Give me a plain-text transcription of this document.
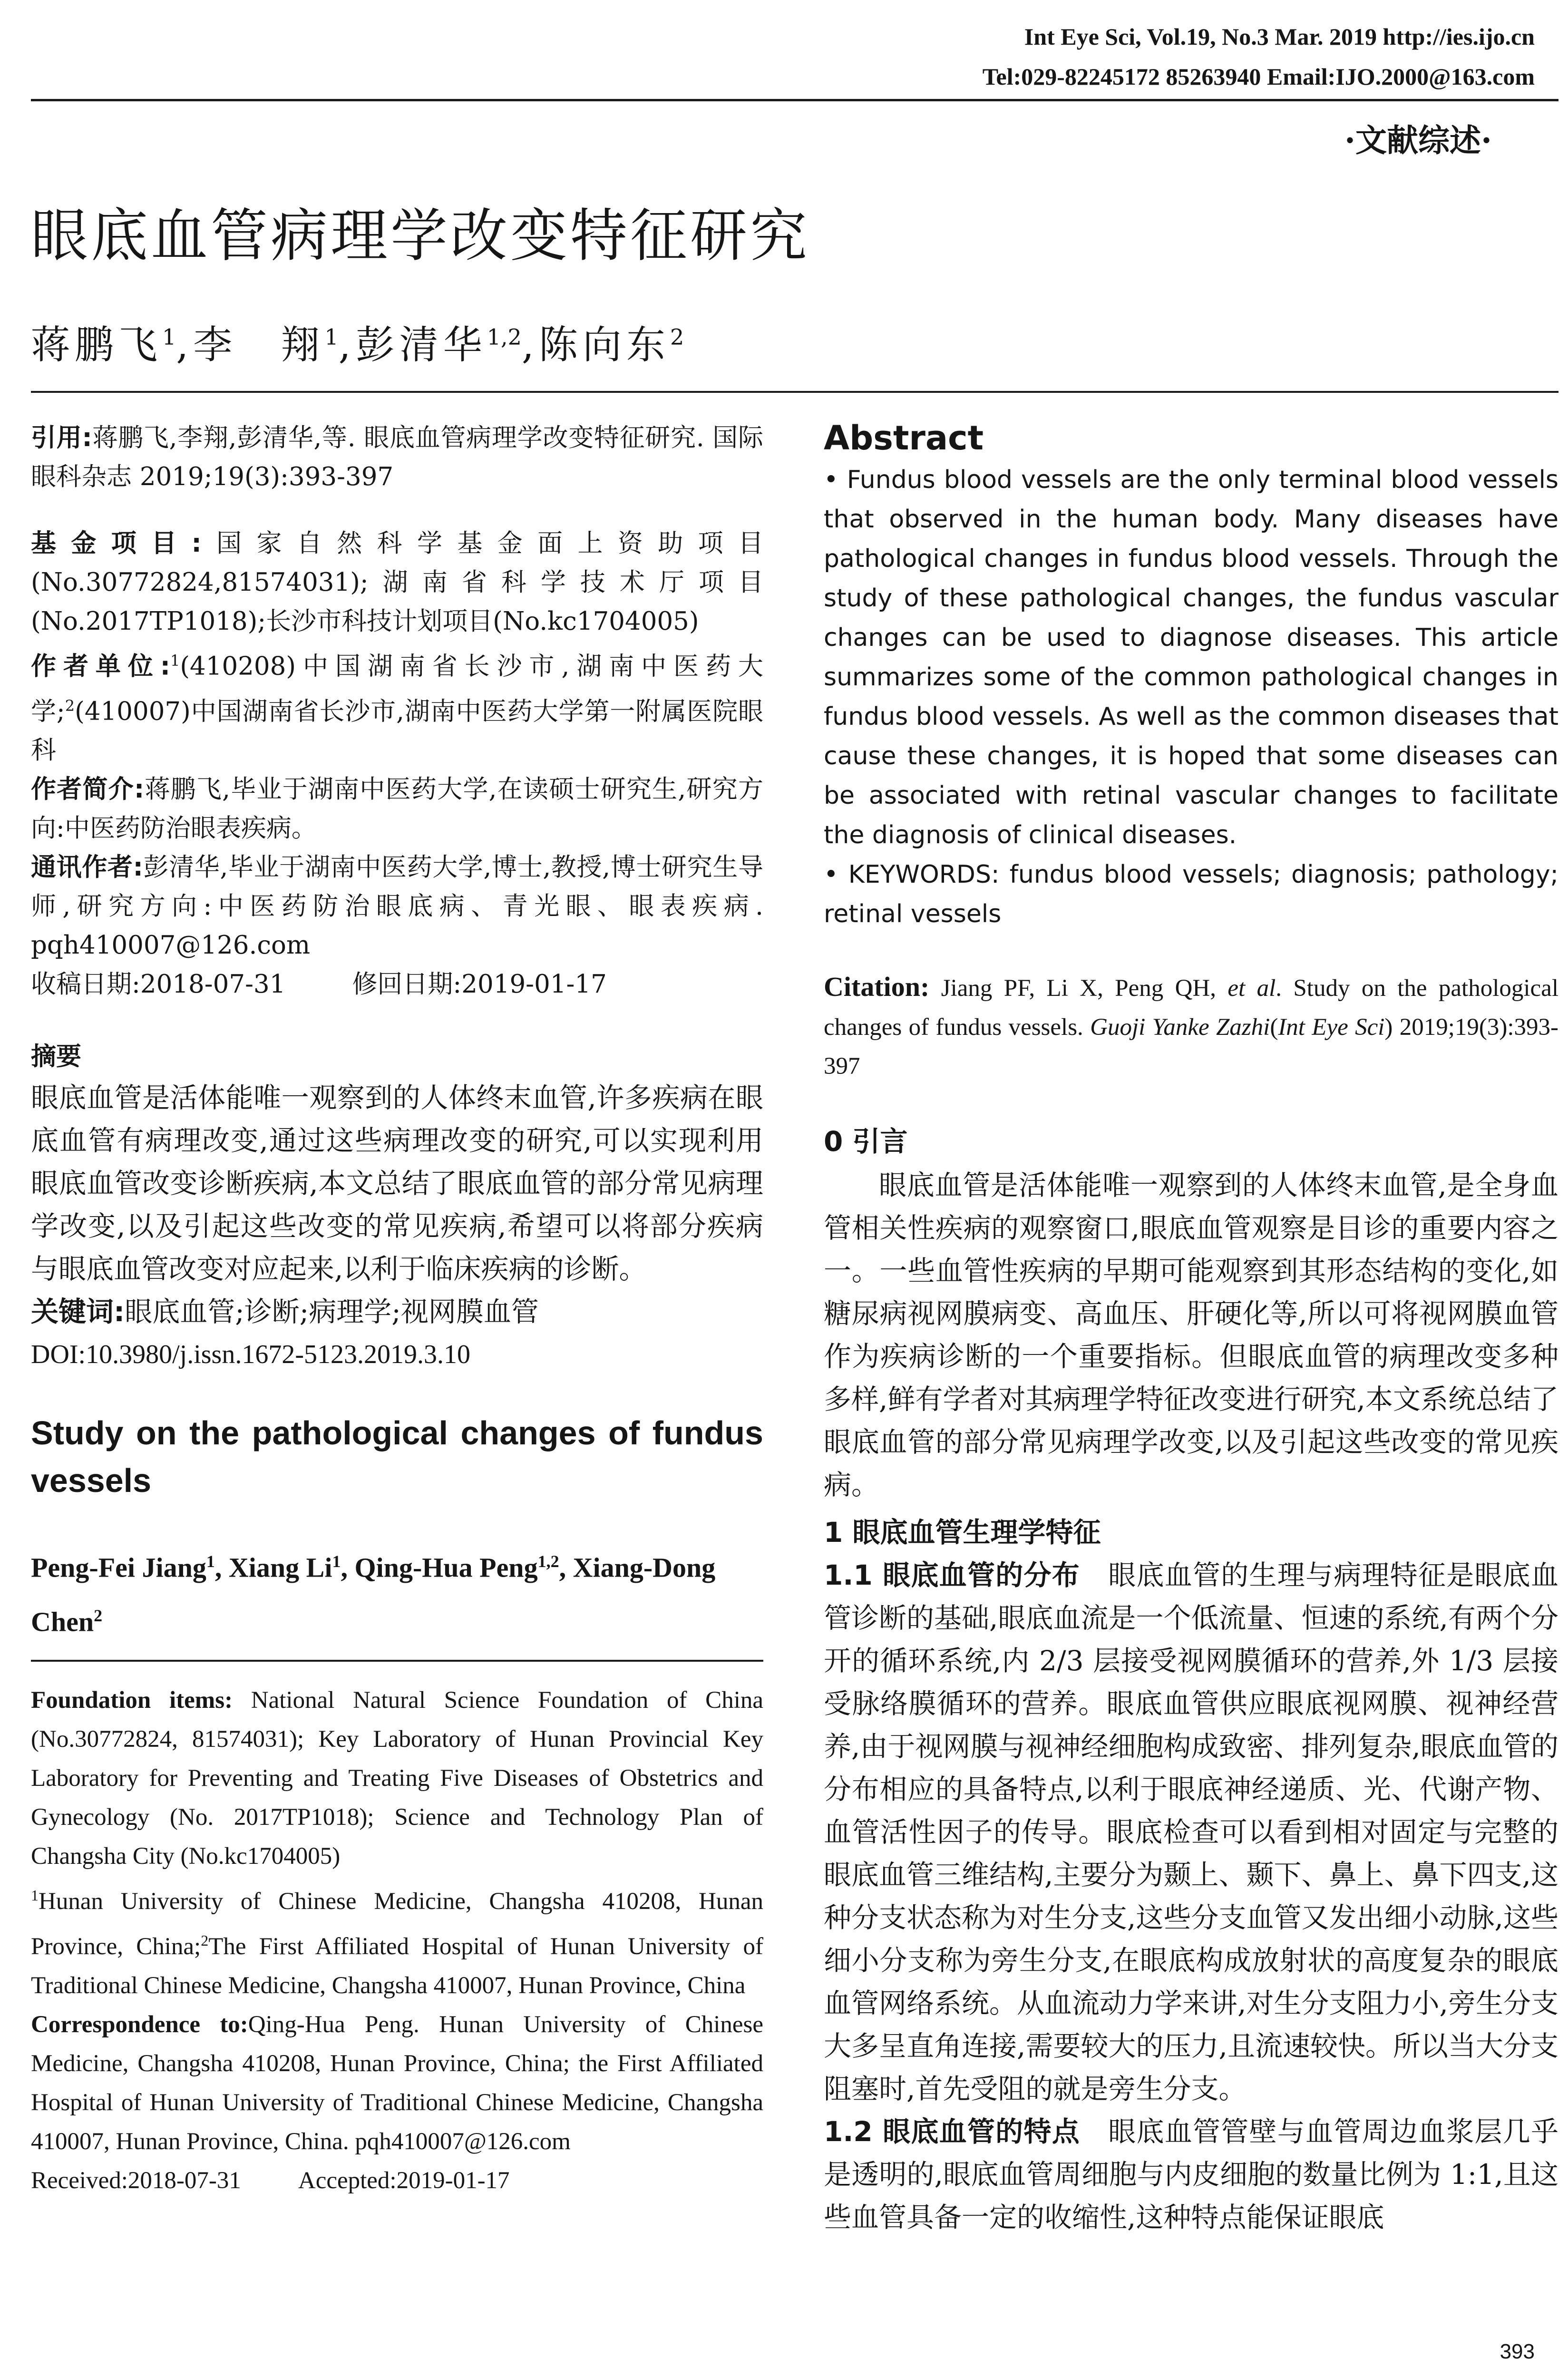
Int Eye Sci, Vol.19, No.3 Mar. 2019 http://ies.ijo.cn
Tel:029-82245172 85263940 Email:IJO.2000@163.com
·文献综述·
眼底血管病理学改变特征研究
蒋鹏飞$^1$,李　翔$^1$,彭清华$^{1,2}$,陈向东$^2$
引用:蒋鹏飞,李翔,彭清华,等. 眼底血管病理学改变特征研究. 国际眼科杂志 2019;19(3):393-397
基金项目:国家自然科学基金面上资助项目(No.30772824,81574031);湖南省科学技术厅项目(No.2017TP1018);长沙市科技计划项目(No.kc1704005)
作者单位:$^1$(410208)中国湖南省长沙市,湖南中医药大学;$^2$(410007)中国湖南省长沙市,湖南中医药大学第一附属医院眼科
作者简介:蒋鹏飞,毕业于湖南中医药大学,在读硕士研究生,研究方向:中医药防治眼表疾病。
通讯作者:彭清华,毕业于湖南中医药大学,博士,教授,博士研究生导师,研究方向:中医药防治眼底病、青光眼、眼表疾病. pqh410007@126.com
收稿日期:2018-07-31	修回日期:2019-01-17
摘要
眼底血管是活体能唯一观察到的人体终末血管,许多疾病在眼底血管有病理改变,通过这些病理改变的研究,可以实现利用眼底血管改变诊断疾病,本文总结了眼底血管的部分常见病理学改变,以及引起这些改变的常见疾病,希望可以将部分疾病与眼底血管改变对应起来,以利于临床疾病的诊断。
关键词:眼底血管;诊断;病理学;视网膜血管
DOI:10.3980/j.issn.1672-5123.2019.3.10
Study on the pathological changes of fundus vessels
Peng-Fei Jiang$^1$, Xiang Li$^1$, Qing-Hua Peng$^{1,2}$, Xiang-Dong Chen$^2$
Foundation items: National Natural Science Foundation of China (No.30772824, 81574031); Key Laboratory of Hunan Provincial Key Laboratory for Preventing and Treating Five Diseases of Obstetrics and Gynecology (No. 2017TP1018); Science and Technology Plan of Changsha City (No.kc1704005)
$^1$Hunan University of Chinese Medicine, Changsha 410208, Hunan Province, China;$^2$The First Affiliated Hospital of Hunan University of Traditional Chinese Medicine, Changsha 410007, Hunan Province, China
Correspondence to:Qing-Hua Peng. Hunan University of Chinese Medicine, Changsha 410208, Hunan Province, China; the First Affiliated Hospital of Hunan University of Traditional Chinese Medicine, Changsha 410007, Hunan Province, China. pqh410007@126.com
Received:2018-07-31 Accepted:2019-01-17
Abstract
• Fundus blood vessels are the only terminal blood vessels that observed in the human body. Many diseases have pathological changes in fundus blood vessels. Through the study of these pathological changes, the fundus vascular changes can be used to diagnose diseases. This article summarizes some of the common pathological changes in fundus blood vessels. As well as the common diseases that cause these changes, it is hoped that some diseases can be associated with retinal vascular changes to facilitate the diagnosis of clinical diseases.
• KEYWORDS: fundus blood vessels; diagnosis; pathology; retinal vessels
Citation: Jiang PF, Li X, Peng QH, et al. Study on the pathological changes of fundus vessels. Guoji Yanke Zazhi(Int Eye Sci) 2019;19(3):393-397
0 引言
眼底血管是活体能唯一观察到的人体终末血管,是全身血管相关性疾病的观察窗口,眼底血管观察是目诊的重要内容之一。一些血管性疾病的早期可能观察到其形态结构的变化,如糖尿病视网膜病变、高血压、肝硬化等,所以可将视网膜血管作为疾病诊断的一个重要指标。但眼底血管的病理改变多种多样,鲜有学者对其病理学特征改变进行研究,本文系统总结了眼底血管的部分常见病理学改变,以及引起这些改变的常见疾病。
1 眼底血管生理学特征
1.1 眼底血管的分布 眼底血管的生理与病理特征是眼底血管诊断的基础,眼底血流是一个低流量、恒速的系统,有两个分开的循环系统,内 2/3 层接受视网膜循环的营养,外 1/3 层接受脉络膜循环的营养。眼底血管供应眼底视网膜、视神经营养,由于视网膜与视神经细胞构成致密、排列复杂,眼底血管的分布相应的具备特点,以利于眼底神经递质、光、代谢产物、血管活性因子的传导。眼底检查可以看到相对固定与完整的眼底血管三维结构,主要分为颞上、颞下、鼻上、鼻下四支,这种分支状态称为对生分支,这些分支血管又发出细小动脉,这些细小分支称为旁生分支,在眼底构成放射状的高度复杂的眼底血管网络系统。从血流动力学来讲,对生分支阻力小,旁生分支大多呈直角连接,需要较大的压力,且流速较快。所以当大分支阻塞时,首先受阻的就是旁生分支。
1.2 眼底血管的特点 眼底血管管壁与血管周边血浆层几乎是透明的,眼底血管周细胞与内皮细胞的数量比例为 1:1,且这些血管具备一定的收缩性,这种特点能保证眼底
393
